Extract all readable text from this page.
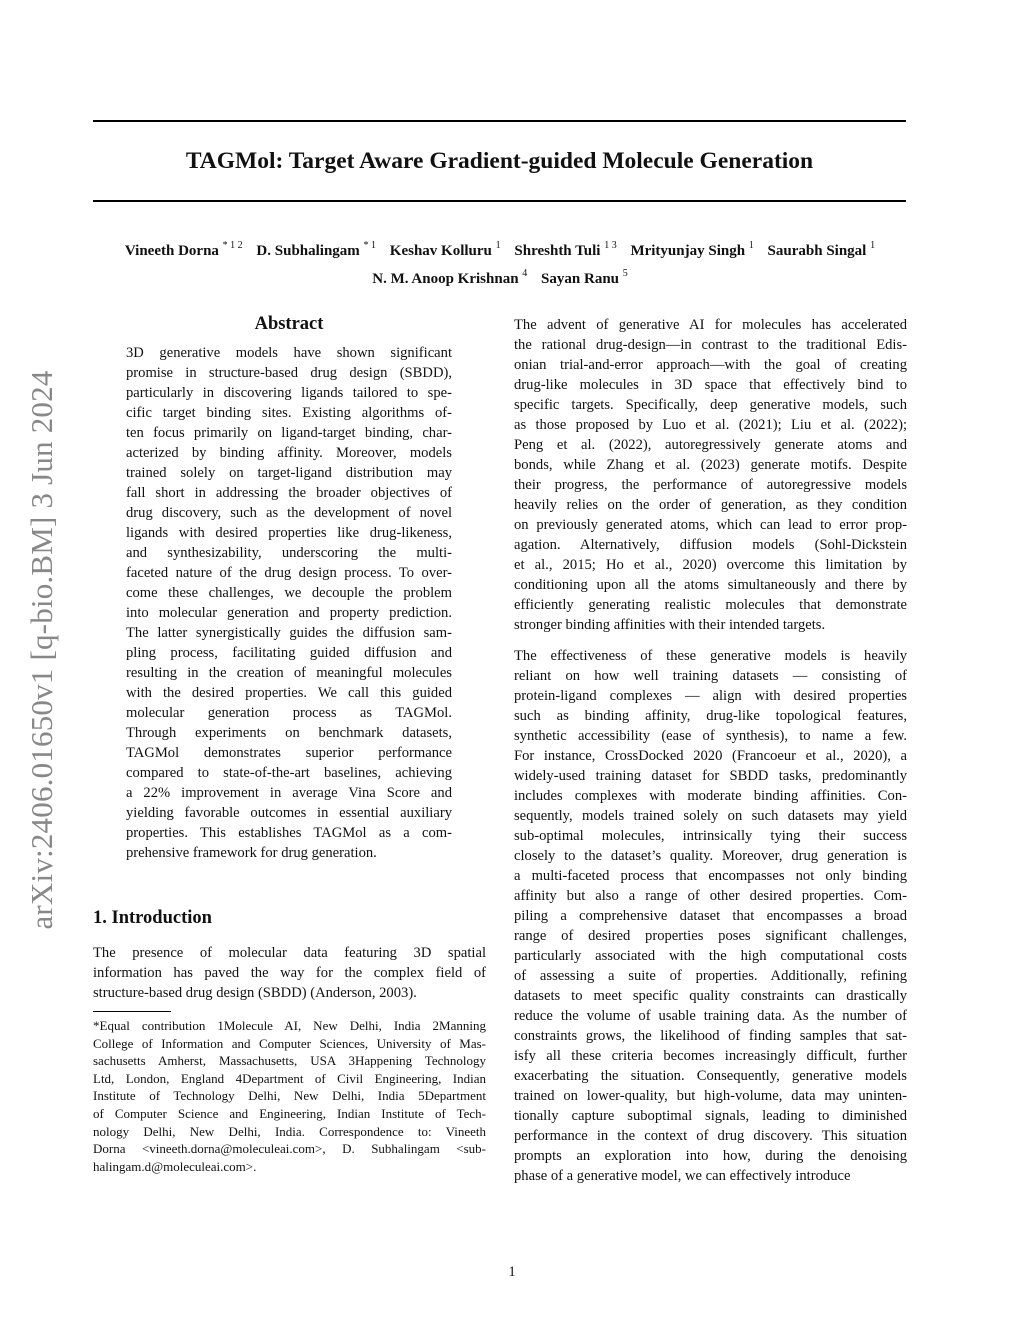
TAGMol: Target Aware Gradient-guided Molecule Generation
Vineeth Dorna $^{* 1 2}$ D. Subhalingam $^{* 1}$ Keshav Kolluru $^1$ Shreshth Tuli $^{1 3}$ Mrityunjay Singh $^1$ Saurabh Singal $^1$
N. M. Anoop Krishnan $^4$ Sayan Ranu $^5$
arXiv:2406.01650v1 [q-bio.BM] 3 Jun 2024
Abstract
3D generative models have shown significant
promise in structure-based drug design (SBDD),
particularly in discovering ligands tailored to spe-
cific target binding sites. Existing algorithms of-
ten focus primarily on ligand-target binding, char-
acterized by binding affinity. Moreover, models
trained solely on target-ligand distribution may
fall short in addressing the broader objectives of
drug discovery, such as the development of novel
ligands with desired properties like drug-likeness,
and synthesizability, underscoring the multi-
faceted nature of the drug design process. To over-
come these challenges, we decouple the problem
into molecular generation and property prediction.
The latter synergistically guides the diffusion sam-
pling process, facilitating guided diffusion and
resulting in the creation of meaningful molecules
with the desired properties. We call this guided
molecular generation process as TAGMol.
Through experiments on benchmark datasets,
TAGMol demonstrates superior performance
compared to state-of-the-art baselines, achieving
a 22% improvement in average Vina Score and
yielding favorable outcomes in essential auxiliary
properties. This establishes TAGMol as a com-
prehensive framework for drug generation.
1. Introduction
The presence of molecular data featuring 3D spatial
information has paved the way for the complex field of
structure-based drug design (SBDD) (Anderson, 2003).
*Equal contribution 1Molecule AI, New Delhi, India 2Manning
College of Information and Computer Sciences, University of Mas-
sachusetts Amherst, Massachusetts, USA 3Happening Technology
Ltd, London, England 4Department of Civil Engineering, Indian
Institute of Technology Delhi, New Delhi, India 5Department
of Computer Science and Engineering, Indian Institute of Tech-
nology Delhi, New Delhi, India. Correspondence to: Vineeth
Dorna <vineeth.dorna@moleculeai.com>, D. Subhalingam <sub-
halingam.d@moleculeai.com>.
The advent of generative AI for molecules has accelerated
the rational drug-design—in contrast to the traditional Edis-
onian trial-and-error approach—with the goal of creating
drug-like molecules in 3D space that effectively bind to
specific targets. Specifically, deep generative models, such
as those proposed by Luo et al. (2021); Liu et al. (2022);
Peng et al. (2022), autoregressively generate atoms and
bonds, while Zhang et al. (2023) generate motifs. Despite
their progress, the performance of autoregressive models
heavily relies on the order of generation, as they condition
on previously generated atoms, which can lead to error prop-
agation. Alternatively, diffusion models (Sohl-Dickstein
et al., 2015; Ho et al., 2020) overcome this limitation by
conditioning upon all the atoms simultaneously and there by
efficiently generating realistic molecules that demonstrate
stronger binding affinities with their intended targets.
The effectiveness of these generative models is heavily
reliant on how well training datasets — consisting of
protein-ligand complexes — align with desired properties
such as binding affinity, drug-like topological features,
synthetic accessibility (ease of synthesis), to name a few.
For instance, CrossDocked 2020 (Francoeur et al., 2020), a
widely-used training dataset for SBDD tasks, predominantly
includes complexes with moderate binding affinities. Con-
sequently, models trained solely on such datasets may yield
sub-optimal molecules, intrinsically tying their success
closely to the dataset’s quality. Moreover, drug generation is
a multi-faceted process that encompasses not only binding
affinity but also a range of other desired properties. Com-
piling a comprehensive dataset that encompasses a broad
range of desired properties poses significant challenges,
particularly associated with the high computational costs
of assessing a suite of properties. Additionally, refining
datasets to meet specific quality constraints can drastically
reduce the volume of usable training data. As the number of
constraints grows, the likelihood of finding samples that sat-
isfy all these criteria becomes increasingly difficult, further
exacerbating the situation. Consequently, generative models
trained on lower-quality, but high-volume, data may uninten-
tionally capture suboptimal signals, leading to diminished
performance in the context of drug discovery. This situation
prompts an exploration into how, during the denoising
phase of a generative model, we can effectively introduce
1
